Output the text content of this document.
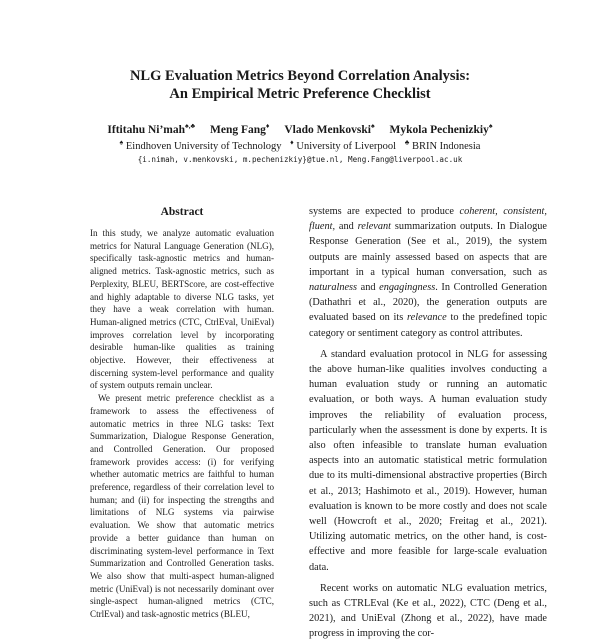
NLG Evaluation Metrics Beyond Correlation Analysis:
An Empirical Metric Preference Checklist
Iftitahu Ni’mah♠,♣ Meng Fang♦ Vlado Menkovski♠ Mykola Pechenizkiy♠
♠ Eindhoven University of Technology ♦ University of Liverpool ♣ BRIN Indonesia
{i.nimah, v.menkovski, m.pechenizkiy}@tue.nl, Meng.Fang@liverpool.ac.uk
Abstract

In this study, we analyze automatic evaluation metrics for Natural Language Generation (NLG), specifically task-agnostic metrics and human-aligned metrics. Task-agnostic metrics, such as Perplexity, BLEU, BERTScore, are cost-effective and highly adaptable to diverse NLG tasks, yet they have a weak correlation with human. Human-aligned metrics (CTC, CtrlEval, UniEval) improves correlation level by incorporating desirable human-like qualities as training objective. However, their effectiveness at discerning system-level performance and quality of system outputs remain unclear.

We present metric preference checklist as a framework to assess the effectiveness of automatic metrics in three NLG tasks: Text Summarization, Dialogue Response Generation, and Controlled Generation. Our proposed framework provides access: (i) for verifying whether automatic metrics are faithful to human preference, regardless of their correlation level to human; and (ii) for inspecting the strengths and limitations of NLG systems via pairwise evaluation. We show that automatic metrics provide a better guidance than human on discriminating system-level performance in Text Summarization and Controlled Generation tasks. We also show that multi-aspect human-aligned metric (UniEval) is not necessarily dominant over single-aspect human-aligned metrics (CTC, CtrlEval) and task-agnostic metrics (BLEU,

systems are expected to produce coherent, consistent, fluent, and relevant summarization outputs. In Dialogue Response Generation (See et al., 2019), the system outputs are mainly assessed based on aspects that are important in a typical human conversation, such as naturalness and engagingness. In Controlled Generation (Dathathri et al., 2020), the generation outputs are evaluated based on its relevance to the predefined topic category or sentiment category as control attributes.

A standard evaluation protocol in NLG for assessing the above human-like qualities involves conducting a human evaluation study or running an automatic evaluation, or both ways. A human evaluation study improves the reliability of evaluation process, particularly when the assessment is done by experts. It is also often infeasible to translate human evaluation aspects into an automatic statistical metric formulation due to its multi-dimensional abstractive properties (Birch et al., 2013; Hashimoto et al., 2019). However, human evaluation is known to be more costly and does not scale well (Howcroft et al., 2020; Freitag et al., 2021). Utilizing automatic metrics, on the other hand, is cost-effective and more feasible for large-scale evaluation data.

Recent works on automatic NLG evaluation metrics, such as CTRLEval (Ke et al., 2022), CTC (Deng et al., 2021), and UniEval (Zhong et al., 2022), have made progress in improving the cor-
